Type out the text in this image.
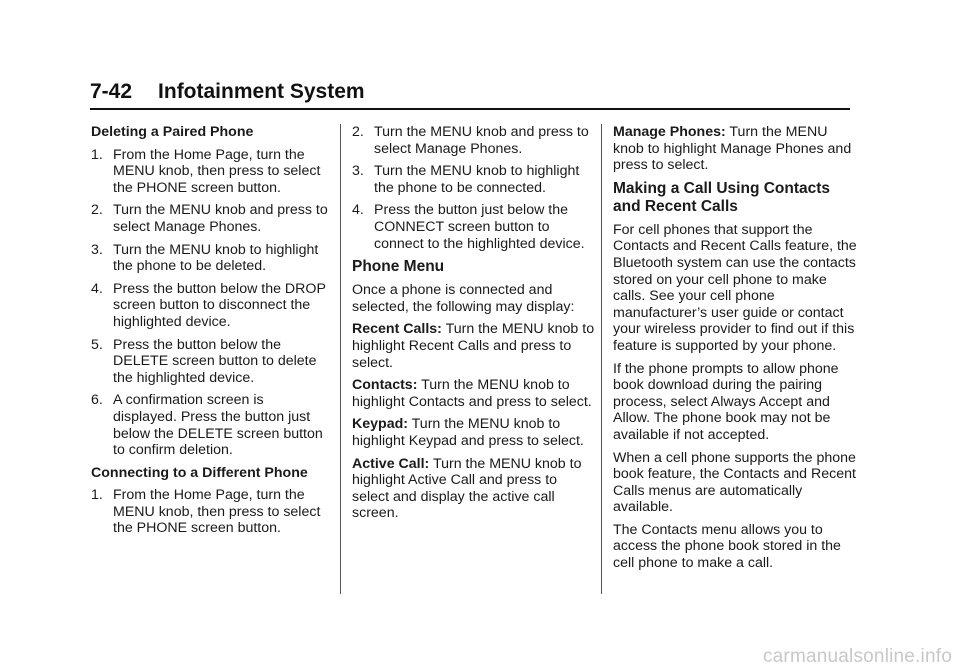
7-42 Infotainment System

Deleting a Paired Phone

1. From the Home Page, turn the MENU knob, then press to select the PHONE screen button.
2. Turn the MENU knob and press to select Manage Phones.
3. Turn the MENU knob to highlight the phone to be deleted.
4. Press the button below the DROP screen button to disconnect the highlighted device.
5. Press the button below the DELETE screen button to delete the highlighted device.
6. A confirmation screen is displayed. Press the button just below the DELETE screen button to confirm deletion.

Connecting to a Different Phone

1. From the Home Page, turn the MENU knob, then press to select the PHONE screen button.
2. Turn the MENU knob and press to select Manage Phones.
3. Turn the MENU knob to highlight the phone to be connected.
4. Press the button just below the CONNECT screen button to connect to the highlighted device.
Phone Menu

Once a phone is connected and selected, the following may display:

Recent Calls: Turn the MENU knob to highlight Recent Calls and press to select.

Contacts: Turn the MENU knob to highlight Contacts and press to select.

Keypad: Turn the MENU knob to highlight Keypad and press to select.

Active Call: Turn the MENU knob to highlight Active Call and press to select and display the active call screen.

Manage Phones: Turn the MENU knob to highlight Manage Phones and press to select.

Making a Call Using Contacts and Recent Calls

For cell phones that support the Contacts and Recent Calls feature, the Bluetooth system can use the contacts stored on your cell phone to make calls. See your cell phone manufacturer’s user guide or contact your wireless provider to find out if this feature is supported by your phone.

If the phone prompts to allow phone book download during the pairing process, select Always Accept and Allow. The phone book may not be available if not accepted.

When a cell phone supports the phone book feature, the Contacts and Recent Calls menus are automatically available.

The Contacts menu allows you to access the phone book stored in the cell phone to make a call.

carmanualsonline.info
